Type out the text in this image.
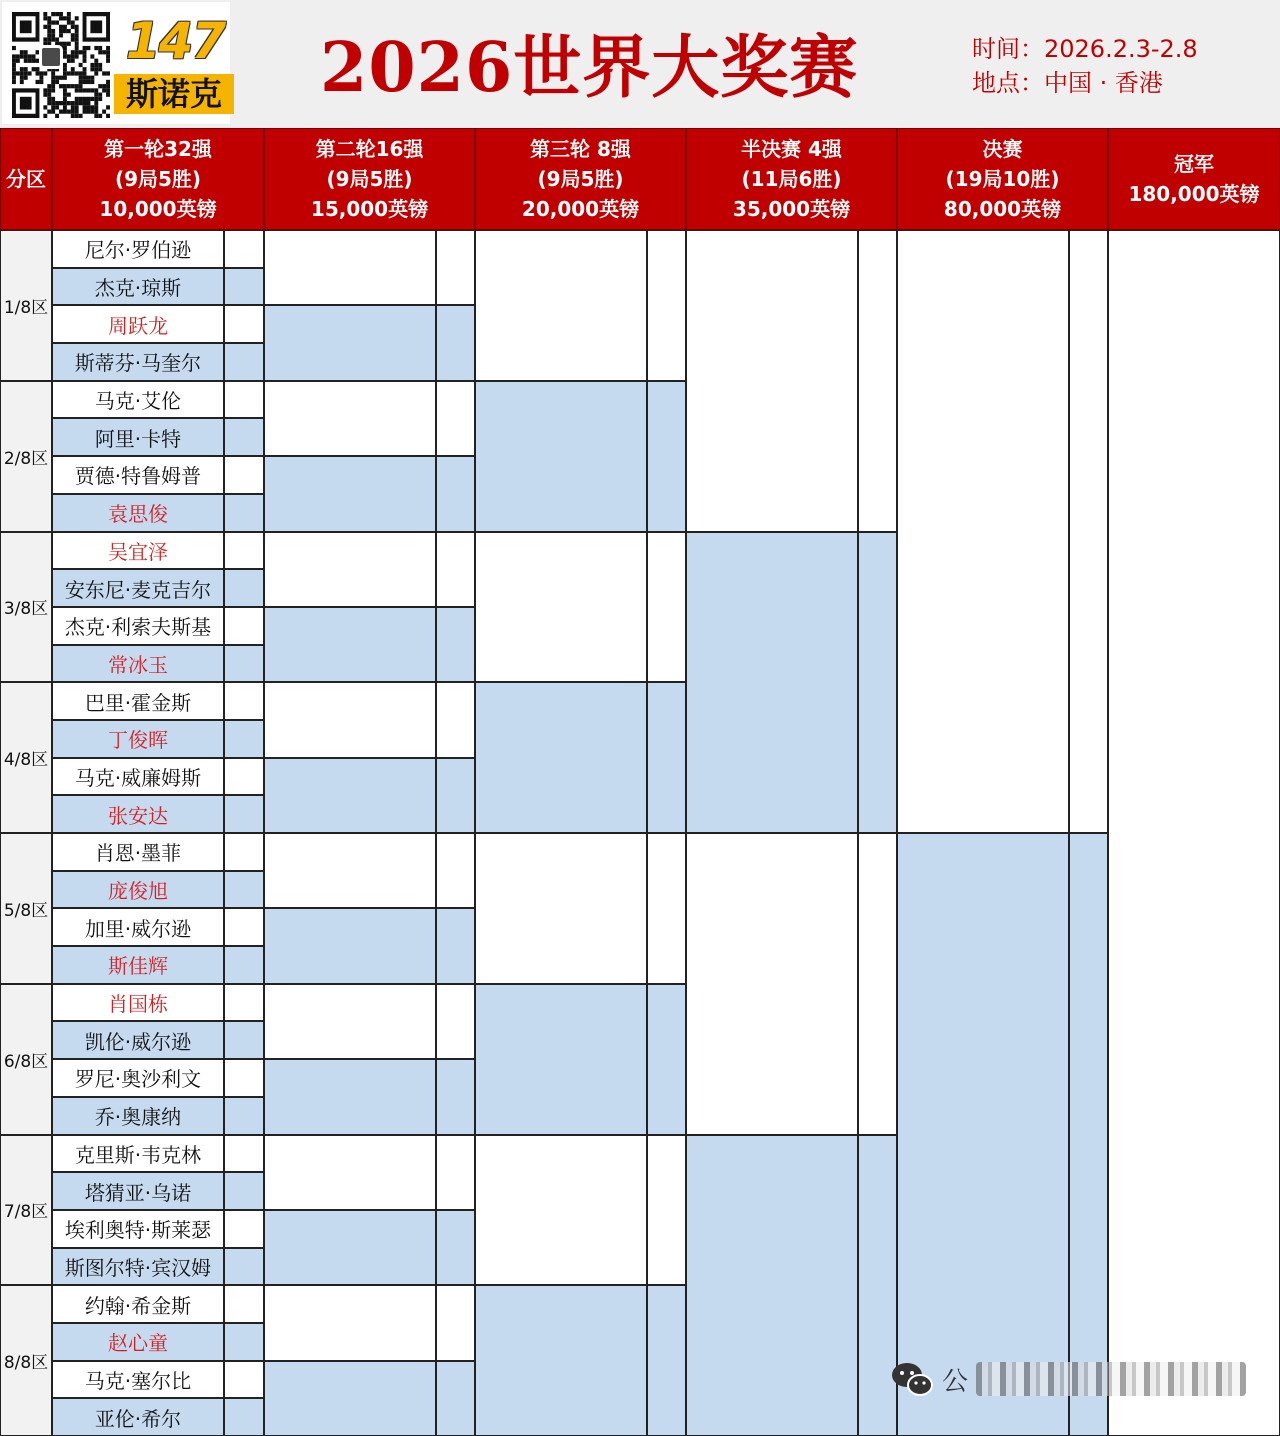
147
斯诺克 2026世界大奖赛	时间：2026.2.3-2.8
地点：中国 · 香港
分区
第一轮32强
(9局5胜)
10,000英镑
第二轮16强
(9局5胜)
15,000英镑
第三轮 8强
(9局5胜)
20,000英镑
半决赛 4强
(11局6胜)
35,000英镑
决赛
(19局10胜)
80,000英镑
冠军
180,000英镑
1/8区
2/8区
3/8区
4/8区
5/8区
6/8区
7/8区
8/8区
尼尔·罗伯逊
杰克·琼斯
周跃龙
斯蒂芬·马奎尔
马克·艾伦
阿里·卡特
贾德·特鲁姆普
袁思俊
吴宜泽
安东尼·麦克吉尔
杰克·利索夫斯基
常冰玉
巴里·霍金斯
丁俊晖
马克·威廉姆斯
张安达
肖恩·墨菲
庞俊旭
加里·威尔逊
斯佳辉
肖国栋
凯伦·威尔逊
罗尼·奥沙利文
乔·奥康纳
克里斯·韦克林
塔猜亚·乌诺
埃利奥特·斯莱瑟
斯图尔特·宾汉姆
约翰·希金斯
赵心童
马克·塞尔比
亚伦·希尔
公
